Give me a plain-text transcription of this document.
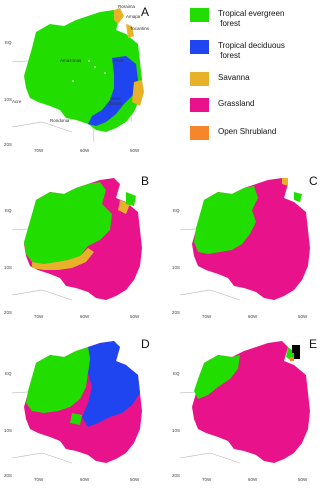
A
EQ
10S
20S
70W	60W	50W
Amazonas	Para
Mato
Grosso
Acre
Rondonia
Roraima
Amapa
Tocantins
Tropical evergreen
forest
Tropical deciduous
forest
Savanna
Grassland
Open Shrubland
B
EQ
10S
20S
70W	60W	50W
C
EQ
10S
20S
70W	60W	50W
D
EQ
10S
20S
70W	60W	50W
E
EQ
10S
20S
70W	60W	50W
